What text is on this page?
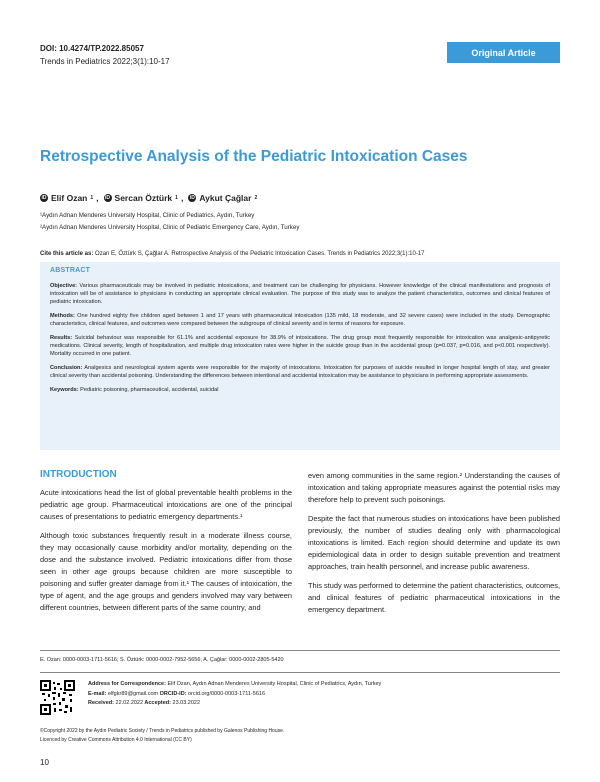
DOI: 10.4274/TP.2022.85057
Trends in Pediatrics 2022;3(1):10-17
Original Article
Retrospective Analysis of the Pediatric Intoxication Cases
iD Elif Ozan 1 ,	iD Sercan Öztürk 1 ,	iD Aykut Çağlar 2
¹Aydın Adnan Menderes University Hospital, Clinic of Pediatrics, Aydın, Turkey
²Aydın Adnan Menderes University Hospital, Clinic of Pediatric Emergency Care, Aydın, Turkey
Cite this article as: Ozan E, Öztürk S, Çağlar A. Retrospective Analysis of the Pediatric Intoxication Cases. Trends in Pediatrics 2022;3(1):10-17
ABSTRACT
Objective: Various pharmaceuticals may be involved in pediatric intoxications, and treatment can be challenging for physicians. However knowledge of the clinical manifestations and prognosis of intoxication will be of assistance to physicians in conducting an appropriate clinical evaluation. The purpose of this study was to analyze the patient characteristics, outcomes and clinical features of pediatric intoxication.
Methods: One hundred eighty five children aged between 1 and 17 years with pharmaceutical intoxication (135 mild, 18 moderate, and 32 severe cases) were included in the study. Demographic characteristics, clinical features, and outcomes were compared between the subgroups of clinical severity and in terms of reasons for exposure.
Results: Suicidal behaviour was responsible for 61.1% and accidental exposure for 38.9% of intoxications. The drug group most frequently responsible for intoxication was analgesic-antipyretic medications. Clinical severity, length of hospitalization, and multiple drug intoxication rates were higher in the suicide group than in the accidental group (p=0.037, p=0.016, and p<0.001 respectively). Mortality occurred in one patient.
Conclusion: Analgesics and neurological system agents were responsible for the majority of intoxications. Intoxication for purposes of suicide resulted in longer hospital length of stay, and greater clinical severity than accidental poisoning. Understanding the differences between intentional and accidental intoxication may be assistance to physicians in performing appropriate assessments.
Keywords: Pediatric poisoning, pharmaceutical, accidental, suicidal
INTRODUCTION

Acute intoxications head the list of global preventable health problems in the pediatric age group. Pharmaceutical intoxications are one of the principal causes of presentations to pediatric emergency departments.¹

Although toxic substances frequently result in a moderate illness course, they may occasionally cause morbidity and/or mortality, depending on the dose and the substance involved. Pediatric intoxications differ from those seen in other age groups because children are more susceptible to poisoning and suffer greater damage from it.¹ The causes of intoxication, the type of agent, and the age groups and genders involved may vary between different countries, between different parts of the same country, and

even among communities in the same region.² Understanding the causes of intoxication and taking appropriate measures against the potential risks may therefore help to prevent such poisonings.

Despite the fact that numerous studies on intoxications have been published previously, the number of studies dealing only with pharmacological intoxications is limited. Each region should determine and update its own epidemiological data in order to design suitable prevention and treatment approaches, train health personnel, and increase public awareness.

This study was performed to determine the patient characteristics, outcomes, and clinical features of pediatric pharmaceutical intoxications in the emergency department.

E. Ozan: 0000-0003-1711-5616; S. Öztürk: 0000-0002-7952-5656; A. Çağlar: 0000-0002-2805-5420
Address for Correspondence: Elif Ozan, Aydın Adnan Menderes University Hospital, Clinic of Pediatrics, Aydın, Turkey
E-mail: elfgkr89@gmail.com ORCID-ID: orcid.org/0000-0003-1711-5616
Received: 22.02.2022 Accepted: 23.03.2022
©Copyright 2022 by the Aydın Pediatric Society / Trends in Pediatrics published by Galenos Publishing House.
Licenced by Creative Commons Attribution 4.0 International (CC BY)
10
